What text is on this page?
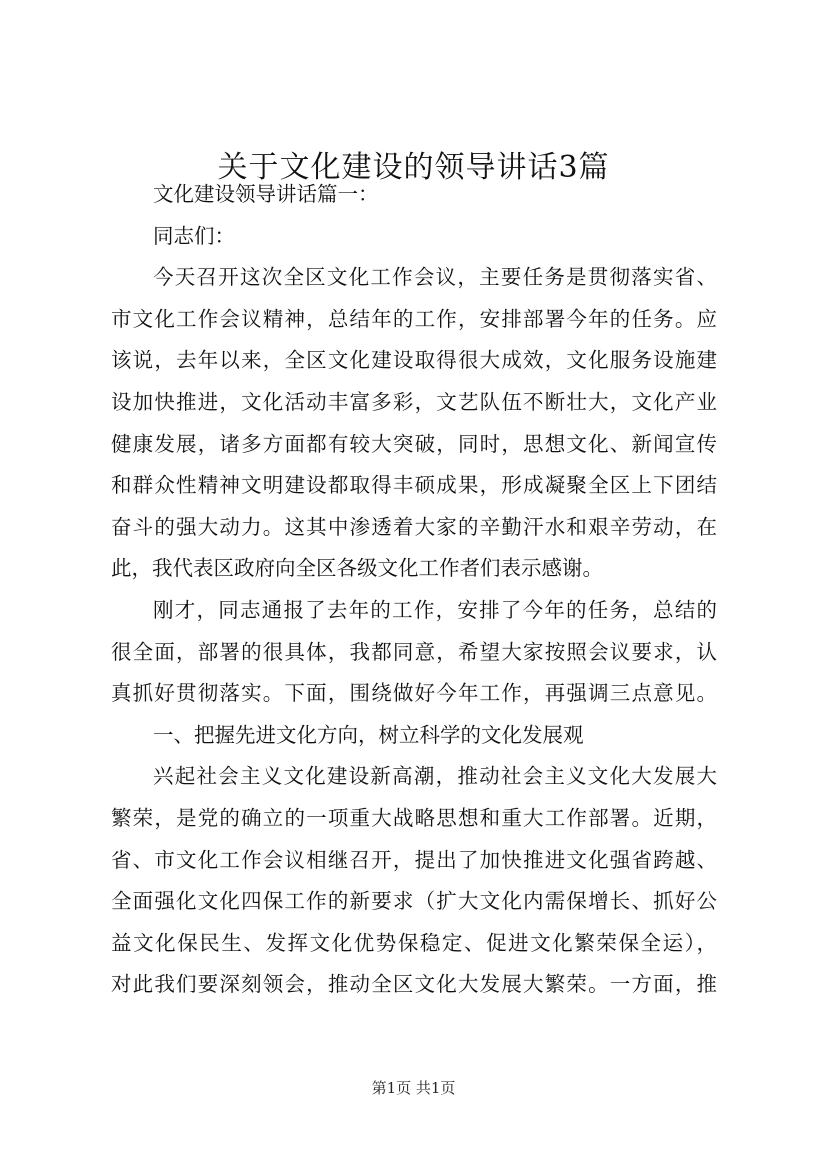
关于文化建设的领导讲话3篇
文化建设领导讲话篇一：
同志们：
今天召开这次全区文化工作会议，主要任务是贯彻落实省、
市文化工作会议精神，总结年的工作，安排部署今年的任务。应
该说，去年以来，全区文化建设取得很大成效，文化服务设施建
设加快推进，文化活动丰富多彩，文艺队伍不断壮大，文化产业
健康发展，诸多方面都有较大突破，同时，思想文化、新闻宣传
和群众性精神文明建设都取得丰硕成果，形成凝聚全区上下团结
奋斗的强大动力。这其中渗透着大家的辛勤汗水和艰辛劳动，在
此，我代表区政府向全区各级文化工作者们表示感谢。
刚才，同志通报了去年的工作，安排了今年的任务，总结的
很全面，部署的很具体，我都同意，希望大家按照会议要求，认
真抓好贯彻落实。下面，围绕做好今年工作，再强调三点意见。
一、把握先进文化方向，树立科学的文化发展观
兴起社会主义文化建设新高潮，推动社会主义文化大发展大
繁荣，是党的确立的一项重大战略思想和重大工作部署。近期，
省、市文化工作会议相继召开，提出了加快推进文化强省跨越、
全面强化文化四保工作的新要求（扩大文化内需保增长、抓好公
益文化保民生、发挥文化优势保稳定、促进文化繁荣保全运），
对此我们要深刻领会，推动全区文化大发展大繁荣。一方面，推
第1页 共1页
